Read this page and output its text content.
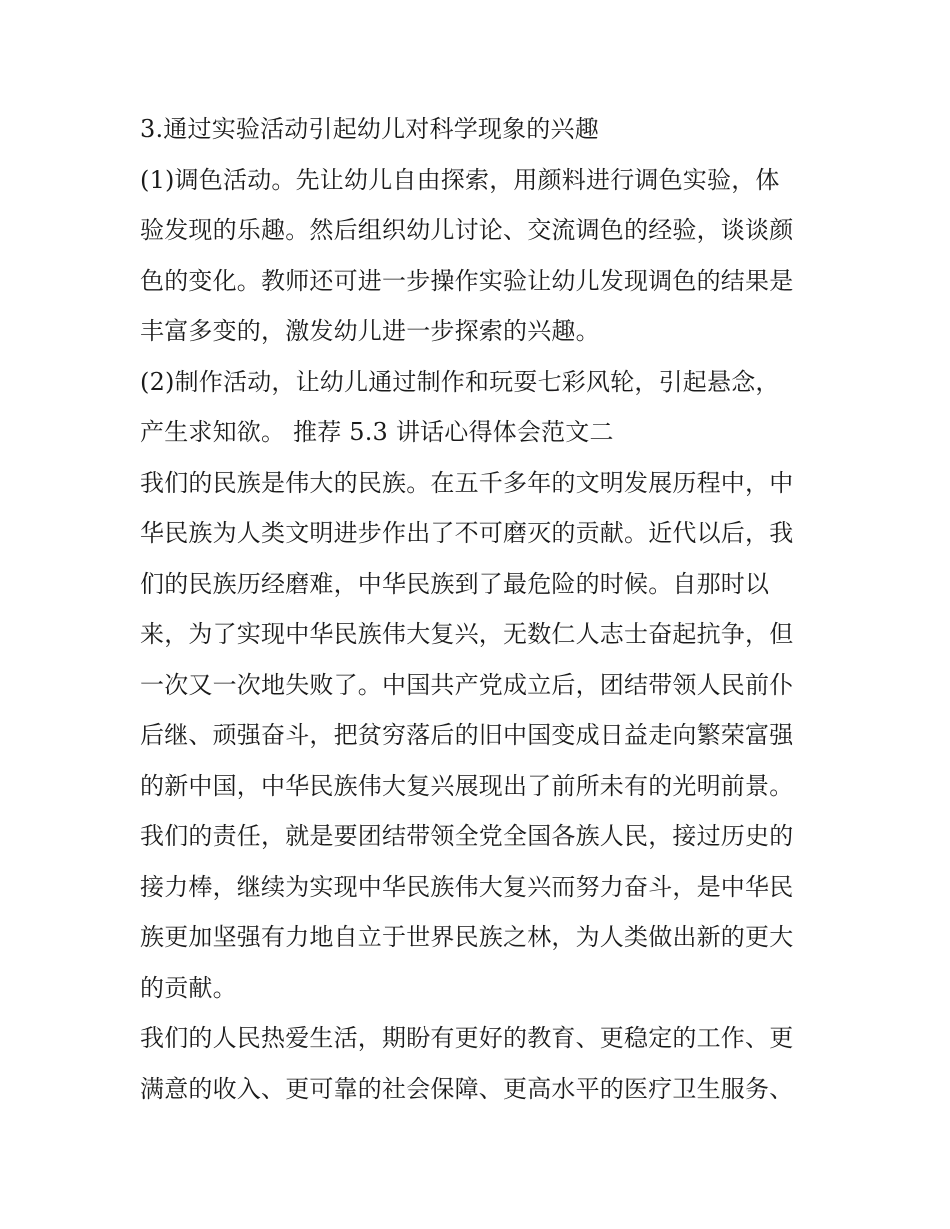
3.通过实验活动引起幼儿对科学现象的兴趣
(1)调色活动。先让幼儿自由探索，用颜料进行调色实验，体
验发现的乐趣。然后组织幼儿讨论、交流调色的经验，谈谈颜
色的变化。教师还可进一步操作实验让幼儿发现调色的结果是
丰富多变的，激发幼儿进一步探索的兴趣。
(2)制作活动，让幼儿通过制作和玩耍七彩风轮，引起悬念，
产生求知欲。 推荐 5.3 讲话心得体会范文二
我们的民族是伟大的民族。在五千多年的文明发展历程中，中
华民族为人类文明进步作出了不可磨灭的贡献。近代以后，我
们的民族历经磨难，中华民族到了最危险的时候。自那时以
来，为了实现中华民族伟大复兴，无数仁人志士奋起抗争，但
一次又一次地失败了。中国共产党成立后，团结带领人民前仆
后继、顽强奋斗，把贫穷落后的旧中国变成日益走向繁荣富强
的新中国，中华民族伟大复兴展现出了前所未有的光明前景。
我们的责任，就是要团结带领全党全国各族人民，接过历史的
接力棒，继续为实现中华民族伟大复兴而努力奋斗，是中华民
族更加坚强有力地自立于世界民族之林，为人类做出新的更大
的贡献。
我们的人民热爱生活，期盼有更好的教育、更稳定的工作、更
满意的收入、更可靠的社会保障、更高水平的医疗卫生服务、
